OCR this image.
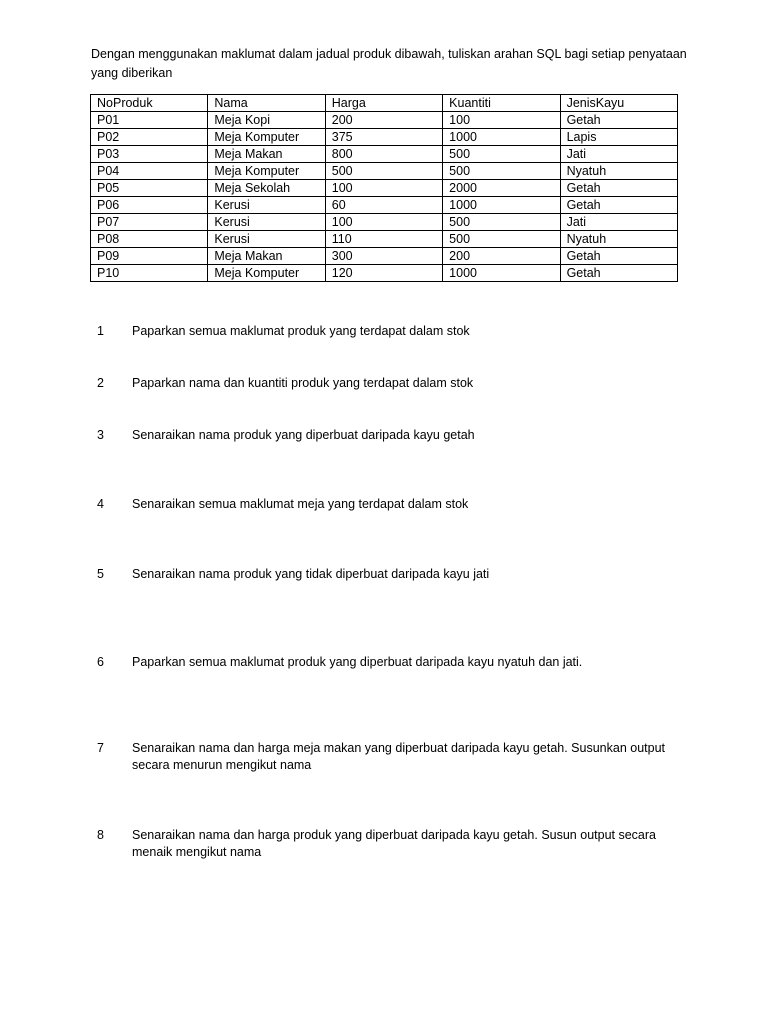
Dengan menggunakan maklumat dalam jadual produk dibawah, tuliskan arahan SQL bagi setiap penyataan yang diberikan

NoProduk	Nama	Harga	Kuantiti	JenisKayu
P01	Meja Kopi	200	100	Getah
P02	Meja Komputer	375	1000	Lapis
P03	Meja Makan	800	500	Jati
P04	Meja Komputer	500	500	Nyatuh
P05	Meja Sekolah	100	2000	Getah
P06	Kerusi	60	1000	Getah
P07	Kerusi	100	500	Jati
P08	Kerusi	110	500	Nyatuh
P09	Meja Makan	300	200	Getah
P10	Meja Komputer	120	1000	Getah
1 Paparkan semua maklumat produk yang terdapat dalam stok
2 Paparkan nama dan kuantiti produk yang terdapat dalam stok
3 Senaraikan nama produk yang diperbuat daripada kayu getah
4 Senaraikan semua maklumat meja yang terdapat dalam stok
5 Senaraikan nama produk yang tidak diperbuat daripada kayu jati
6 Paparkan semua maklumat produk yang diperbuat daripada kayu nyatuh dan jati.
7 Senaraikan nama dan harga meja makan yang diperbuat daripada kayu getah. Susunkan output secara menurun mengikut nama
8 Senaraikan nama dan harga produk yang diperbuat daripada kayu getah. Susun output secara menaik mengikut nama
